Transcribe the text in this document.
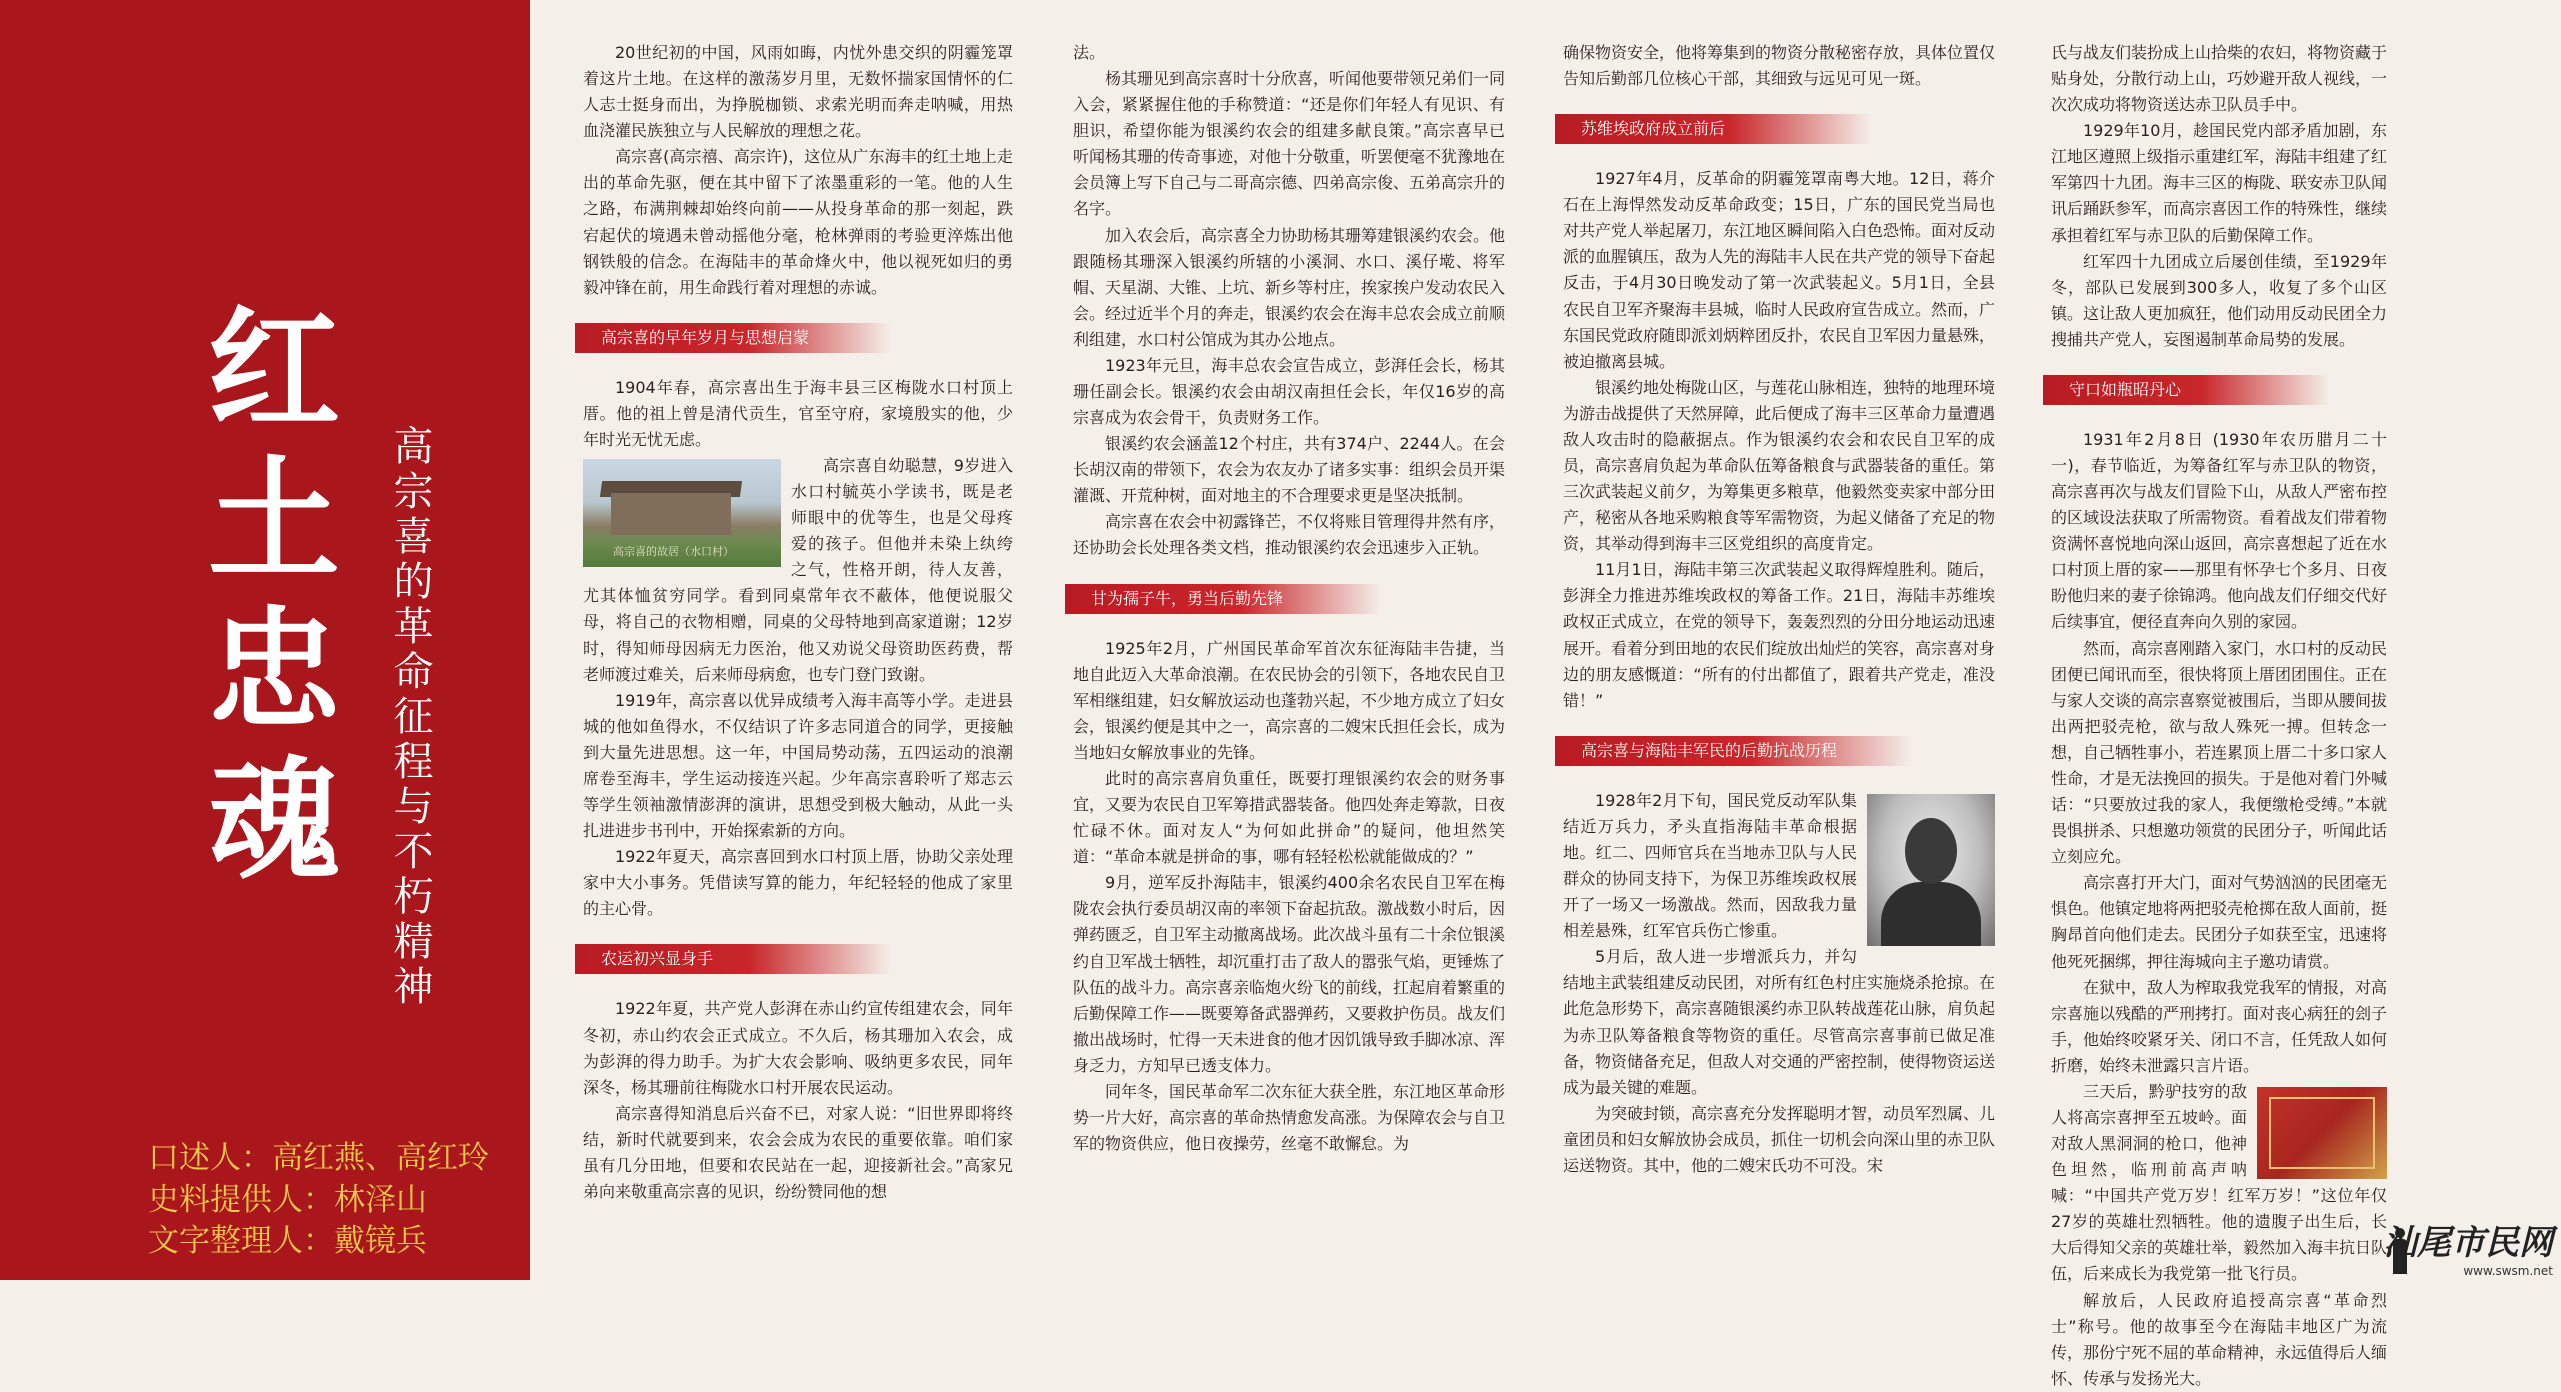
红土忠魂 高宗喜的革命征程与不朽精神
口述人：高红燕、高红玲
史料提供人：林泽山
文字整理人：戴镜兵

20世纪初的中国，风雨如晦，内忧外患交织的阴霾笼罩着这片土地。在这样的激荡岁月里，无数怀揣家国情怀的仁人志士挺身而出，为挣脱枷锁、求索光明而奔走呐喊，用热血浇灌民族独立与人民解放的理想之花。

高宗喜(高宗禧、高宗许)，这位从广东海丰的红土地上走出的革命先驱，便在其中留下了浓墨重彩的一笔。他的人生之路，布满荆棘却始终向前——从投身革命的那一刻起，跌宕起伏的境遇未曾动摇他分毫，枪林弹雨的考验更淬炼出他钢铁般的信念。在海陆丰的革命烽火中，他以视死如归的勇毅冲锋在前，用生命践行着对理想的赤诚。

高宗喜的早年岁月与思想启蒙

1904年春，高宗喜出生于海丰县三区梅陇水口村顶上厝。他的祖上曾是清代贡生，官至守府，家境殷实的他，少年时光无忧无虑。

高宗喜的故居（水口村）

高宗喜自幼聪慧，9岁进入水口村毓英小学读书，既是老师眼中的优等生，也是父母疼爱的孩子。但他并未染上纨绔之气，性格开朗，待人友善，尤其体恤贫穷同学。看到同桌常年衣不蔽体，他便说服父母，将自己的衣物相赠，同桌的父母特地到高家道谢；12岁时，得知师母因病无力医治，他又劝说父母资助医药费，帮老师渡过难关，后来师母病愈，也专门登门致谢。

1919年，高宗喜以优异成绩考入海丰高等小学。走进县城的他如鱼得水，不仅结识了许多志同道合的同学，更接触到大量先进思想。这一年，中国局势动荡，五四运动的浪潮席卷至海丰，学生运动接连兴起。少年高宗喜聆听了郑志云等学生领袖激情澎湃的演讲，思想受到极大触动，从此一头扎进进步书刊中，开始探索新的方向。

1922年夏天，高宗喜回到水口村顶上厝，协助父亲处理家中大小事务。凭借读写算的能力，年纪轻轻的他成了家里的主心骨。

农运初兴显身手

1922年夏，共产党人彭湃在赤山约宣传组建农会，同年冬初，赤山约农会正式成立。不久后，杨其珊加入农会，成为彭湃的得力助手。为扩大农会影响、吸纳更多农民，同年深冬，杨其珊前往梅陇水口村开展农民运动。

高宗喜得知消息后兴奋不已，对家人说：“旧世界即将终结，新时代就要到来，农会会成为农民的重要依靠。咱们家虽有几分田地，但要和农民站在一起，迎接新社会。”高家兄弟向来敬重高宗喜的见识，纷纷赞同他的想

法。

杨其珊见到高宗喜时十分欣喜，听闻他要带领兄弟们一同入会，紧紧握住他的手称赞道：“还是你们年轻人有见识、有胆识，希望你能为银溪约农会的组建多献良策。”高宗喜早已听闻杨其珊的传奇事迹，对他十分敬重，听罢便毫不犹豫地在会员簿上写下自己与二哥高宗德、四弟高宗俊、五弟高宗升的名字。

加入农会后，高宗喜全力协助杨其珊筹建银溪约农会。他跟随杨其珊深入银溪约所辖的小溪洞、水口、溪仔墘、将军帽、天星湖、大锥、上坑、新乡等村庄，挨家挨户发动农民入会。经过近半个月的奔走，银溪约农会在海丰总农会成立前顺利组建，水口村公馆成为其办公地点。

1923年元旦，海丰总农会宣告成立，彭湃任会长，杨其珊任副会长。银溪约农会由胡汉南担任会长，年仅16岁的高宗喜成为农会骨干，负责财务工作。

银溪约农会涵盖12个村庄，共有374户、2244人。在会长胡汉南的带领下，农会为农友办了诸多实事：组织会员开渠灌溉、开荒种树，面对地主的不合理要求更是坚决抵制。

高宗喜在农会中初露锋芒，不仅将账目管理得井然有序，还协助会长处理各类文档，推动银溪约农会迅速步入正轨。

甘为孺子牛，勇当后勤先锋

1925年2月，广州国民革命军首次东征海陆丰告捷，当地自此迈入大革命浪潮。在农民协会的引领下，各地农民自卫军相继组建，妇女解放运动也蓬勃兴起，不少地方成立了妇女会，银溪约便是其中之一，高宗喜的二嫂宋氏担任会长，成为当地妇女解放事业的先锋。

此时的高宗喜肩负重任，既要打理银溪约农会的财务事宜，又要为农民自卫军筹措武器装备。他四处奔走筹款，日夜忙碌不休。面对友人“为何如此拼命”的疑问，他坦然笑道：“革命本就是拼命的事，哪有轻轻松松就能做成的？”

9月，逆军反扑海陆丰，银溪约400余名农民自卫军在梅陇农会执行委员胡汉南的率领下奋起抗敌。激战数小时后，因弹药匮乏，自卫军主动撤离战场。此次战斗虽有二十余位银溪约自卫军战士牺牲，却沉重打击了敌人的嚣张气焰，更锤炼了队伍的战斗力。高宗喜亲临炮火纷飞的前线，扛起肩着繁重的后勤保障工作——既要筹备武器弹药，又要救护伤员。战友们撤出战场时，忙得一天未进食的他才因饥饿导致手脚冰凉、浑身乏力，方知早已透支体力。

同年冬，国民革命军二次东征大获全胜，东江地区革命形势一片大好，高宗喜的革命热情愈发高涨。为保障农会与自卫军的物资供应，他日夜操劳，丝毫不敢懈怠。为

确保物资安全，他将筹集到的物资分散秘密存放，具体位置仅告知后勤部几位核心干部，其细致与远见可见一斑。

苏维埃政府成立前后

1927年4月，反革命的阴霾笼罩南粤大地。12日，蒋介石在上海悍然发动反革命政变；15日，广东的国民党当局也对共产党人举起屠刀，东江地区瞬间陷入白色恐怖。面对反动派的血腥镇压，敌为人先的海陆丰人民在共产党的领导下奋起反击，于4月30日晚发动了第一次武装起义。5月1日，全县农民自卫军齐聚海丰县城，临时人民政府宣告成立。然而，广东国民党政府随即派刘炳粹团反扑，农民自卫军因力量悬殊，被迫撤离县城。

银溪约地处梅陇山区，与莲花山脉相连，独特的地理环境为游击战提供了天然屏障，此后便成了海丰三区革命力量遭遇敌人攻击时的隐蔽据点。作为银溪约农会和农民自卫军的成员，高宗喜肩负起为革命队伍筹备粮食与武器装备的重任。第三次武装起义前夕，为筹集更多粮草，他毅然变卖家中部分田产，秘密从各地采购粮食等军需物资，为起义储备了充足的物资，其举动得到海丰三区党组织的高度肯定。

11月1日，海陆丰第三次武装起义取得辉煌胜利。随后，彭湃全力推进苏维埃政权的筹备工作。21日，海陆丰苏维埃政权正式成立，在党的领导下，轰轰烈烈的分田分地运动迅速展开。看着分到田地的农民们绽放出灿烂的笑容，高宗喜对身边的朋友感慨道：“所有的付出都值了，跟着共产党走，准没错！”

高宗喜与海陆丰军民的后勤抗战历程

1928年2月下旬，国民党反动军队集结近万兵力，矛头直指海陆丰革命根据地。红二、四师官兵在当地赤卫队与人民群众的协同支持下，为保卫苏维埃政权展开了一场又一场激战。然而，因敌我力量相差悬殊，红军官兵伤亡惨重。

5月后，敌人进一步增派兵力，并勾结地主武装组建反动民团，对所有红色村庄实施烧杀抢掠。在此危急形势下，高宗喜随银溪约赤卫队转战莲花山脉，肩负起为赤卫队筹备粮食等物资的重任。尽管高宗喜事前已做足准备，物资储备充足，但敌人对交通的严密控制，使得物资运送成为最关键的难题。

为突破封锁，高宗喜充分发挥聪明才智，动员军烈属、儿童团员和妇女解放协会成员，抓住一切机会向深山里的赤卫队运送物资。其中，他的二嫂宋氏功不可没。宋

氏与战友们装扮成上山拾柴的农妇，将物资藏于贴身处，分散行动上山，巧妙避开敌人视线，一次次成功将物资送达赤卫队员手中。

1929年10月，趁国民党内部矛盾加剧，东江地区遵照上级指示重建红军，海陆丰组建了红军第四十九团。海丰三区的梅陇、联安赤卫队闻讯后踊跃参军，而高宗喜因工作的特殊性，继续承担着红军与赤卫队的后勤保障工作。

红军四十九团成立后屡创佳绩，至1929年冬，部队已发展到300多人，收复了多个山区镇。这让敌人更加疯狂，他们动用反动民团全力搜捕共产党人，妄图遏制革命局势的发展。

守口如瓶昭丹心

1931年2月8日 (1930年农历腊月二十一)，春节临近，为筹备红军与赤卫队的物资，高宗喜再次与战友们冒险下山，从敌人严密布控的区域设法获取了所需物资。看着战友们带着物资满怀喜悦地向深山返回，高宗喜想起了近在水口村顶上厝的家——那里有怀孕七个多月、日夜盼他归来的妻子徐锦鸿。他向战友们仔细交代好后续事宜，便径直奔向久别的家园。

然而，高宗喜刚踏入家门，水口村的反动民团便已闻讯而至，很快将顶上厝团团围住。正在与家人交谈的高宗喜察觉被围后，当即从腰间拔出两把驳壳枪，欲与敌人殊死一搏。但转念一想，自己牺牲事小，若连累顶上厝二十多口家人性命，才是无法挽回的损失。于是他对着门外喊话：“只要放过我的家人，我便缴枪受缚。”本就畏惧拼杀、只想邀功领赏的民团分子，听闻此话立刻应允。

高宗喜打开大门，面对气势汹汹的民团毫无惧色。他镇定地将两把驳壳枪掷在敌人面前，挺胸昂首向他们走去。民团分子如获至宝，迅速将他死死捆绑，押往海城向主子邀功请赏。

在狱中，敌人为榨取我党我军的情报，对高宗喜施以残酷的严刑拷打。面对丧心病狂的刽子手，他始终咬紧牙关、闭口不言，任凭敌人如何折磨，始终未泄露只言片语。

三天后，黔驴技穷的敌人将高宗喜押至五坡岭。面对敌人黑洞洞的枪口，他神色坦然，临刑前高声呐喊：“中国共产党万岁！红军万岁！”这位年仅27岁的英雄壮烈牺牲。他的遗腹子出生后，长大后得知父亲的英雄壮举，毅然加入海丰抗日队伍，后来成长为我党第一批飞行员。

解放后，人民政府追授高宗喜“革命烈士”称号。他的故事至今在海陆丰地区广为流传，那份宁死不屈的革命精神，永远值得后人缅怀、传承与发扬光大。

汕尾市民网
www.swsm.net
